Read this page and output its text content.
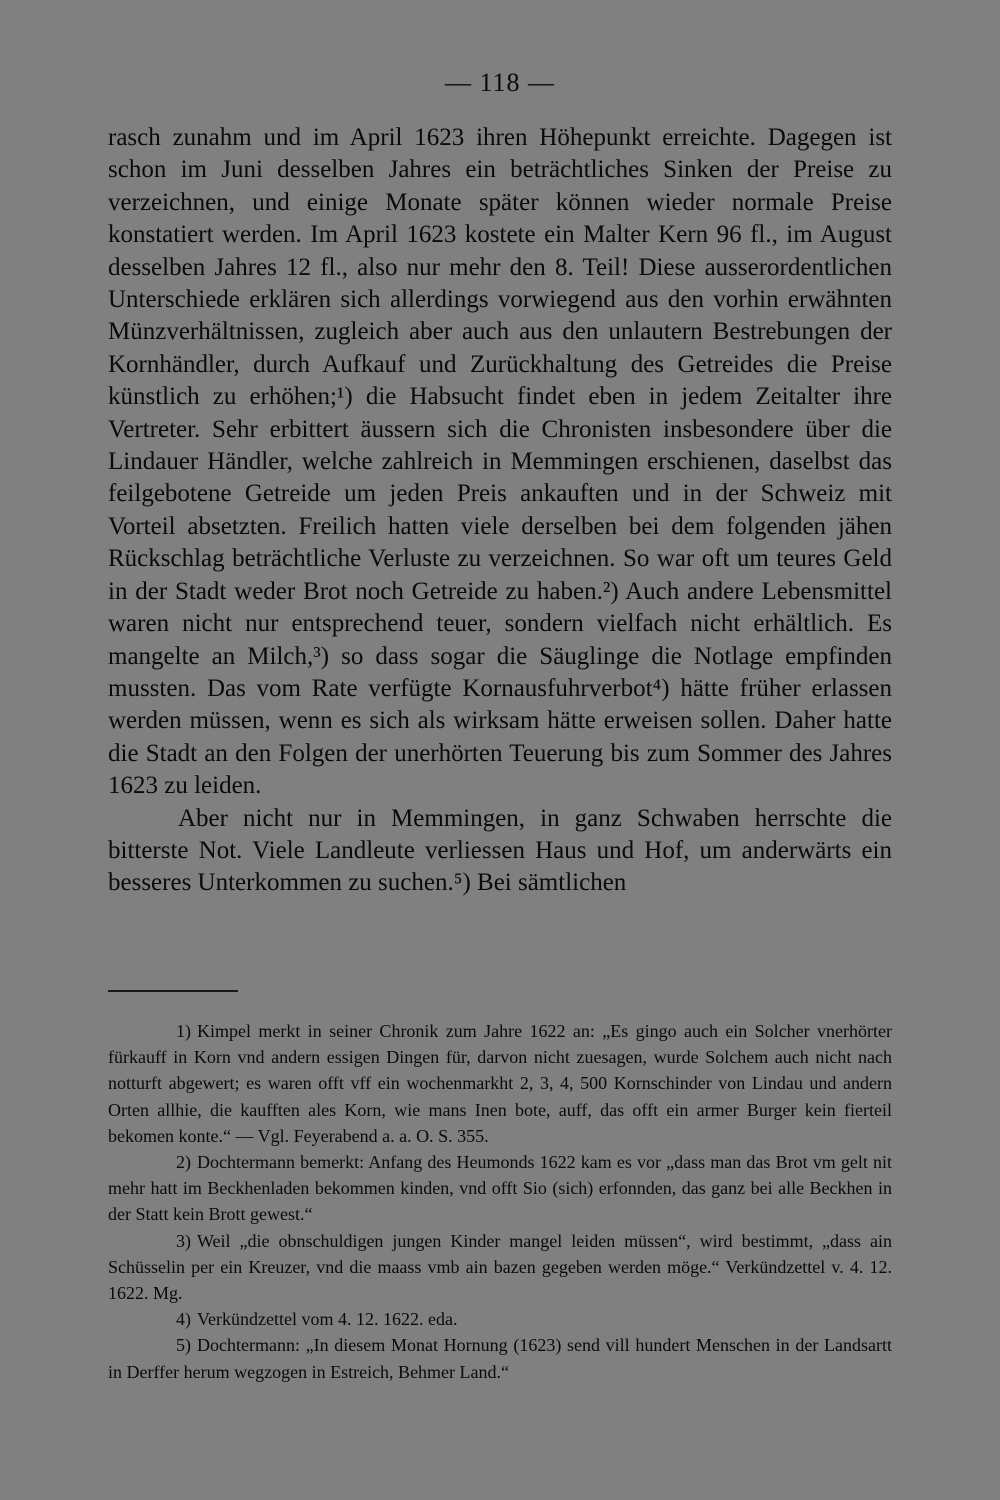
— 118 —

rasch zunahm und im April 1623 ihren Höhepunkt erreichte. Dagegen ist schon im Juni desselben Jahres ein beträchtliches Sinken der Preise zu verzeichnen, und einige Monate später können wieder normale Preise konstatiert werden. Im April 1623 kostete ein Malter Kern 96 fl., im August desselben Jahres 12 fl., also nur mehr den 8. Teil! Diese ausserordentlichen Unterschiede erklären sich allerdings vorwiegend aus den vorhin erwähnten Münzverhältnissen, zugleich aber auch aus den unlautern Bestrebungen der Kornhändler, durch Aufkauf und Zurückhaltung des Getreides die Preise künstlich zu erhöhen;¹) die Habsucht findet eben in jedem Zeitalter ihre Vertreter. Sehr erbittert äussern sich die Chronisten insbesondere über die Lindauer Händler, welche zahlreich in Memmingen erschienen, daselbst das feilgebotene Getreide um jeden Preis ankauften und in der Schweiz mit Vorteil absetzten. Freilich hatten viele derselben bei dem folgenden jähen Rückschlag beträchtliche Verluste zu verzeichnen. So war oft um teures Geld in der Stadt weder Brot noch Getreide zu haben.²) Auch andere Lebensmittel waren nicht nur entsprechend teuer, sondern vielfach nicht erhältlich. Es mangelte an Milch,³) so dass sogar die Säuglinge die Notlage empfinden mussten. Das vom Rate verfügte Kornausfuhrverbot⁴) hätte früher erlassen werden müssen, wenn es sich als wirksam hätte erweisen sollen. Daher hatte die Stadt an den Folgen der unerhörten Teuerung bis zum Sommer des Jahres 1623 zu leiden.

Aber nicht nur in Memmingen, in ganz Schwaben herrschte die bitterste Not. Viele Landleute verliessen Haus und Hof, um anderwärts ein besseres Unterkommen zu suchen.⁵) Bei sämtlichen

1) Kimpel merkt in seiner Chronik zum Jahre 1622 an: „Es gingo auch ein Solcher vnerhörter fürkauff in Korn vnd andern essigen Dingen für, darvon nicht zuesagen, wurde Solchem auch nicht nach notturft abgewert; es waren offt vff ein wochenmarkht 2, 3, 4, 500 Kornschinder von Lindau und andern Orten allhie, die kaufften ales Korn, wie mans Inen bote, auff, das offt ein armer Burger kein fierteil bekomen konte.“ — Vgl. Feyerabend a. a. O. S. 355.

2) Dochtermann bemerkt: Anfang des Heumonds 1622 kam es vor „dass man das Brot vm gelt nit mehr hatt im Beckhenladen bekommen kinden, vnd offt Sio (sich) erfonnden, das ganz bei alle Beckhen in der Statt kein Brott gewest.“

3) Weil „die obnschuldigen jungen Kinder mangel leiden müssen“, wird bestimmt, „dass ain Schüsselin per ein Kreuzer, vnd die maass vmb ain bazen gegeben werden möge.“ Verkündzettel v. 4. 12. 1622. Mg.

4) Verkündzettel vom 4. 12. 1622. eda.

5) Dochtermann: „In diesem Monat Hornung (1623) send vill hundert Menschen in der Landsartt in Derffer herum wegzogen in Estreich, Behmer Land.“
